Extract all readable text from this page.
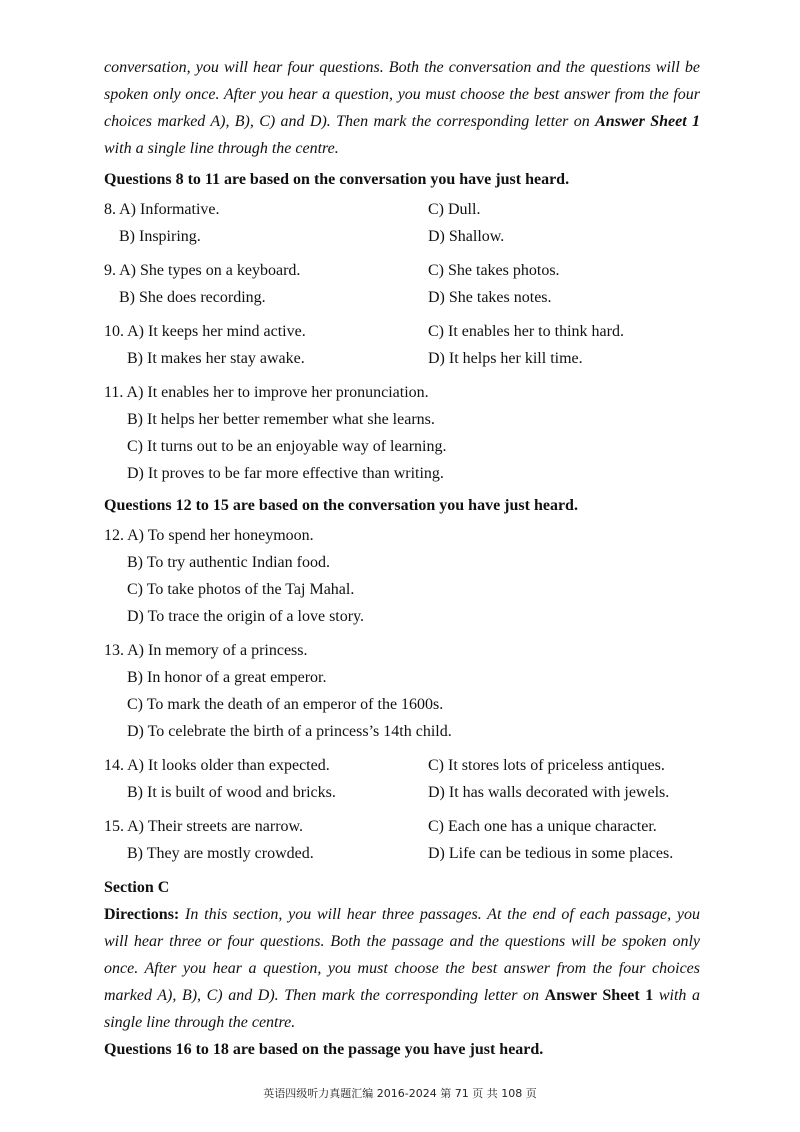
conversation, you will hear four questions. Both the conversation and the questions will be spoken only once. After you hear a question, you must choose the best answer from the four choices marked A), B), C) and D). Then mark the corresponding letter on Answer Sheet 1 with a single line through the centre.

Questions 8 to 11 are based on the conversation you have just heard.
8. A) Informative.	C) Dull.
B) Inspiring.	D) Shallow.
9. A) She types on a keyboard.	C) She takes photos.
B) She does recording.	D) She takes notes.
10. A) It keeps her mind active.	C) It enables her to think hard.
B) It makes her stay awake.	D) It helps her kill time.
11. A) It enables her to improve her pronunciation.
B) It helps her better remember what she learns.
C) It turns out to be an enjoyable way of learning.
D) It proves to be far more effective than writing.
Questions 12 to 15 are based on the conversation you have just heard.
12. A) To spend her honeymoon.
B) To try authentic Indian food.
C) To take photos of the Taj Mahal.
D) To trace the origin of a love story.
13. A) In memory of a princess.
B) In honor of a great emperor.
C) To mark the death of an emperor of the 1600s.
D) To celebrate the birth of a princess’s 14th child.
14. A) It looks older than expected.	C) It stores lots of priceless antiques.
B) It is built of wood and bricks.	D) It has walls decorated with jewels.
15. A) Their streets are narrow.	C) Each one has a unique character.
B) They are mostly crowded.	D) Life can be tedious in some places.
Section C

Directions: In this section, you will hear three passages. At the end of each passage, you will hear three or four questions. Both the passage and the questions will be spoken only once. After you hear a question, you must choose the best answer from the four choices marked A), B), C) and D). Then mark the corresponding letter on Answer Sheet 1 with a single line through the centre.

Questions 16 to 18 are based on the passage you have just heard.
英语四级听力真题汇编 2016-2024 第 71 页 共 108 页
